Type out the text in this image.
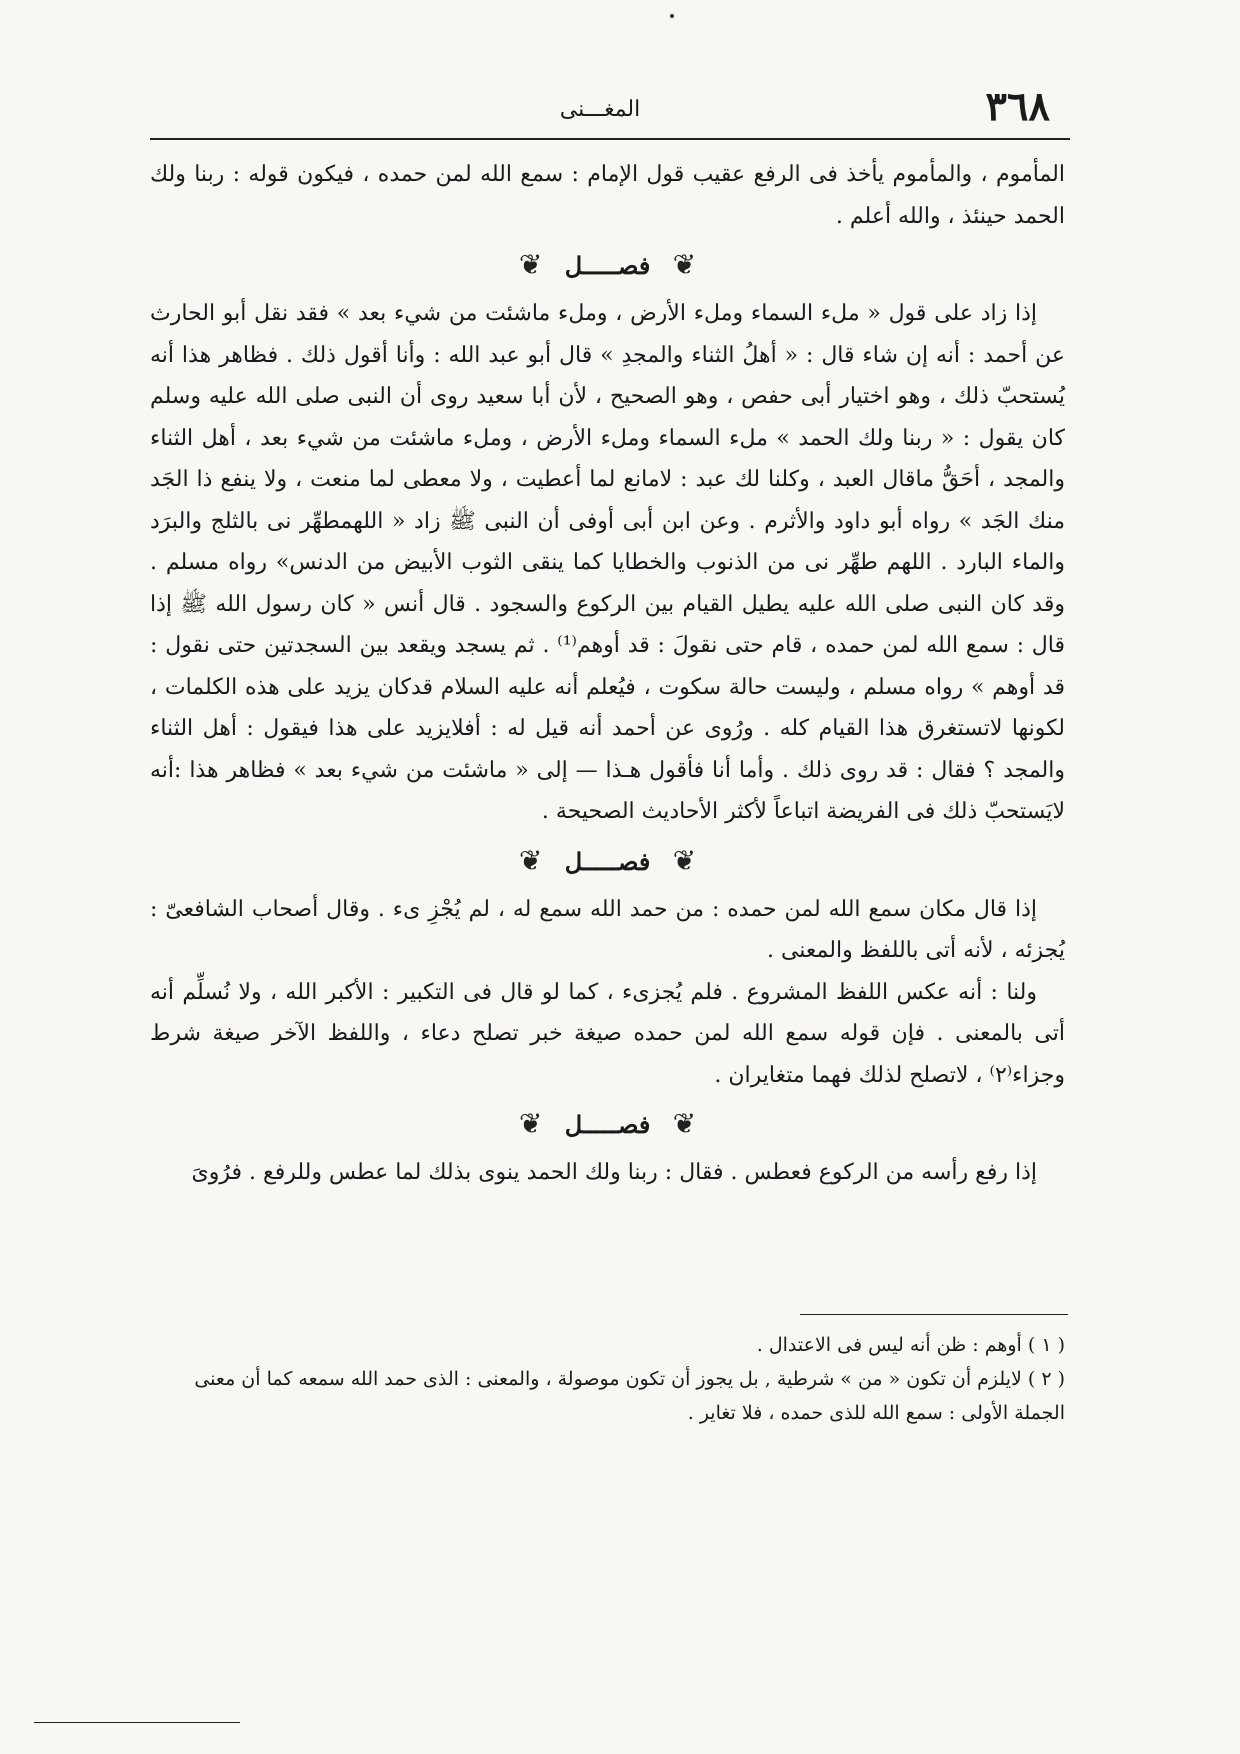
٣٦٨
المغـــنى

المأموم ، والمأموم يأخذ فى الرفع عقيب قول الإمام : سمع الله لمن حمده ، فيكون قوله : ربنا ولك الحمد حينئذ ، والله أعلم .

❦ فصـــــل ❦

إذا زاد على قول « ملء السماء وملء الأرض ، وملء ماشئت من شيء بعد » فقد نقل أبو الحارث عن أحمد : أنه إن شاء قال : « أهلُ الثناء والمجدِ » قال أبو عبد الله : وأنا أقول ذلك . فظاهر هذا أنه يُستحبّ ذلك ، وهو اختيار أبى حفص ، وهو الصحيح ، لأن أبا سعيد روى أن النبى صلى الله عليه وسلم كان يقول : « ربنا ولك الحمد » ملء السماء وملء الأرض ، وملء ماشئت من شيء بعد ، أهل الثناء والمجد ، أحَقُّ ماقال العبد ، وكلنا لك عبد : لامانع لما أعطيت ، ولا معطى لما منعت ، ولا ينفع ذا الجَد منك الجَد » رواه أبو داود والأثرم . وعن ابن أبى أوفى أن النبى ﷺ زاد « اللهمطهِّر نى بالثلج والبرَد والماء البارد . اللهم طهِّر نى من الذنوب والخطايا كما ينقى الثوب الأبيض من الدنس» رواه مسلم . وقد كان النبى صلى الله عليه يطيل القيام بين الركوع والسجود . قال أنس « كان رسول الله ﷺ إذا قال : سمع الله لمن حمده ، قام حتى نقولَ : قد أوهم⁽¹⁾ . ثم يسجد ويقعد بين السجدتين حتى نقول : قد أوهم » رواه مسلم ، وليست حالة سكوت ، فيُعلم أنه عليه السلام قدكان يزيد على هذه الكلمات ، لكونها لاتستغرق هذا القيام كله . ورُوى عن أحمد أنه قيل له : أفلايزيد على هذا فيقول : أهل الثناء والمجد ؟ فقال : قد روى ذلك . وأما أنا فأقول هـذا — إلى « ماشئت من شيء بعد » فظاهر هذا :أنه لايَستحبّ ذلك فى الفريضة اتباعاً لأكثر الأحاديث الصحيحة .

❦ فصـــــل ❦

إذا قال مكان سمع الله لمن حمده : من حمد الله سمع له ، لم يُجْزِ ىء . وقال أصحاب الشافعىّ : يُجزئه ، لأنه أتى باللفظ والمعنى .

ولنا : أنه عكس اللفظ المشروع . فلم يُجزىء ، كما لو قال فى التكبير : الأكبر الله ، ولا نُسلِّم أنه أتى بالمعنى . فإن قوله سمع الله لمن حمده صيغة خبر تصلح دعاء ، واللفظ الآخر صيغة شرط وجزاء⁽٢⁾ ، لاتصلح لذلك فهما متغايران .

❦ فصـــــل ❦

إذا رفع رأسه من الركوع فعطس . فقال : ربنا ولك الحمد ينوى بذلك لما عطس وللرفع . فرُوىَ

( ١ ) أوهم : ظن أنه ليس فى الاعتدال .

( ٢ ) لايلزم أن تكون « من » شرطية , بل يجوز أن تكون موصولة ، والمعنى : الذى حمد الله سمعه كما أن معنى الجملة الأولى : سمع الله للذى حمده ، فلا تغاير .
